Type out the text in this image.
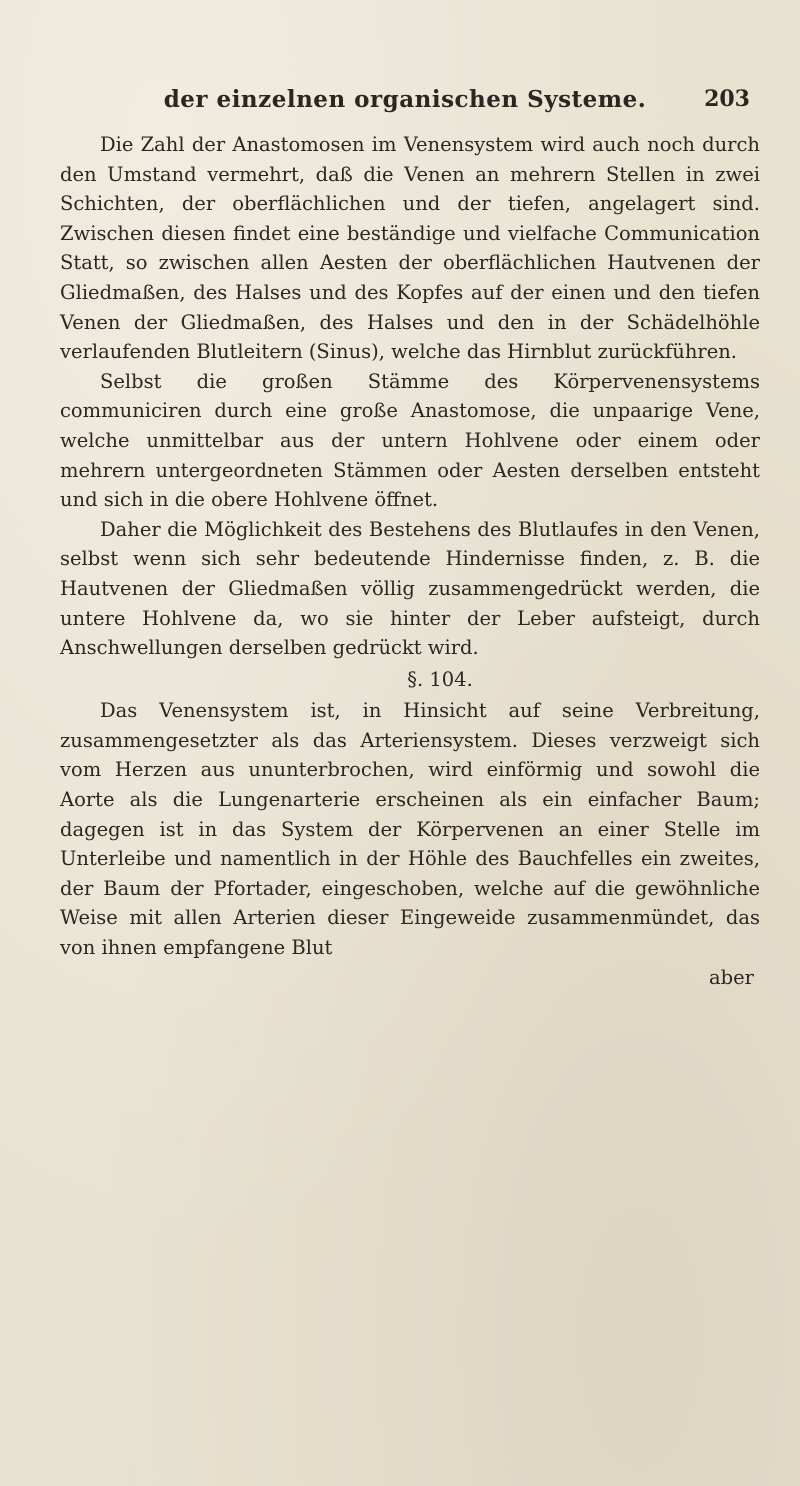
der einzelnen organischen Systeme.	203

Die Zahl der Anastomosen im Venensystem wird auch noch durch den Umstand vermehrt, daß die Venen an mehrern Stellen in zwei Schichten, der oberflächlichen und der tiefen, angelagert sind. Zwischen diesen findet eine beständige und vielfache Communication Statt, so zwischen allen Aesten der oberflächlichen Hautvenen der Gliedmaßen, des Halses und des Kopfes auf der einen und den tiefen Venen der Gliedmaßen, des Halses und den in der Schädelhöhle verlaufenden Blutleitern (Sinus), welche das Hirnblut zurückführen.

Selbst die großen Stämme des Körpervenensystems communiciren durch eine große Anastomose, die unpaarige Vene, welche unmittelbar aus der untern Hohlvene oder einem oder mehrern untergeordneten Stämmen oder Aesten derselben entsteht und sich in die obere Hohlvene öffnet.

Daher die Möglichkeit des Bestehens des Blutlaufes in den Venen, selbst wenn sich sehr bedeutende Hindernisse finden, z. B. die Hautvenen der Gliedmaßen völlig zusammengedrückt werden, die untere Hohlvene da, wo sie hinter der Leber aufsteigt, durch Anschwellungen derselben gedrückt wird.

§. 104.

Das Venensystem ist, in Hinsicht auf seine Verbreitung, zusammengesetzter als das Arteriensystem. Dieses verzweigt sich vom Herzen aus ununterbrochen, wird einförmig und sowohl die Aorte als die Lungenarterie erscheinen als ein einfacher Baum; dagegen ist in das System der Körpervenen an einer Stelle im Unterleibe und namentlich in der Höhle des Bauchfelles ein zweites, der Baum der Pfortader, eingeschoben, welche auf die gewöhnliche Weise mit allen Arterien dieser Eingeweide zusammenmündet, das von ihnen empfangene Blut

aber
